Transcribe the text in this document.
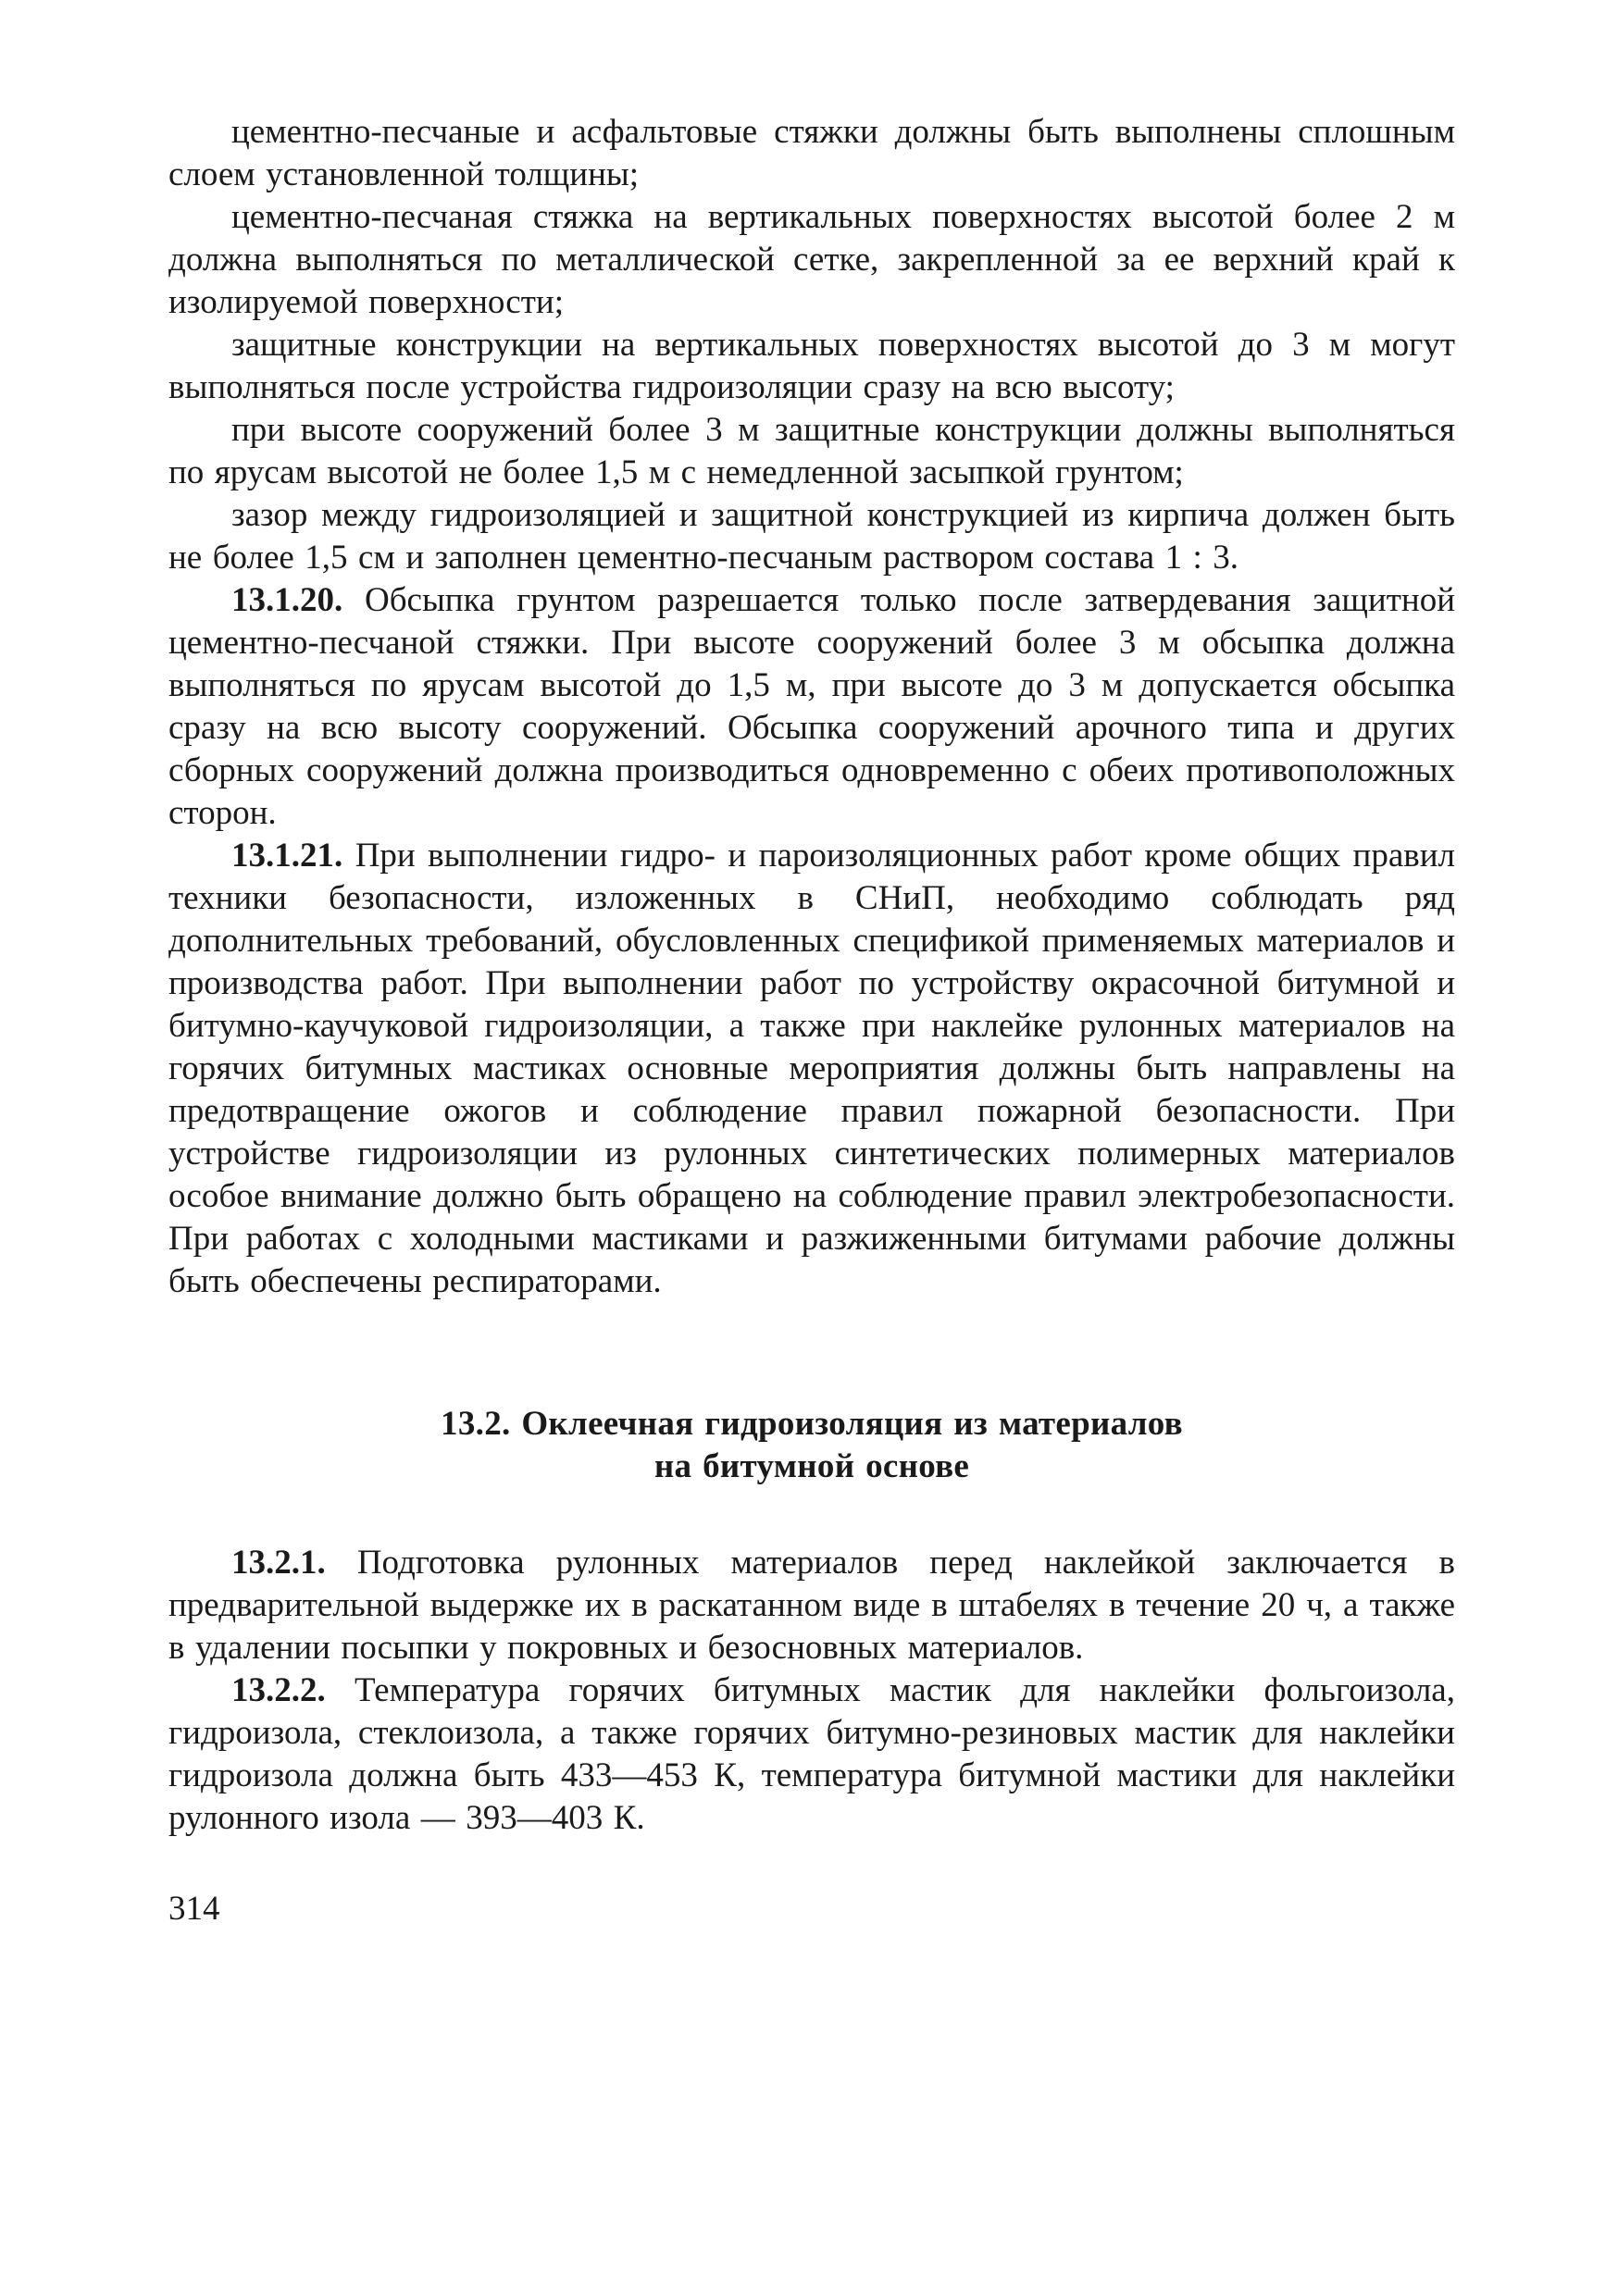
цементно-песчаные и асфальтовые стяжки должны быть выполнены сплошным слоем установленной толщины;

цементно-песчаная стяжка на вертикальных поверхностях высотой более 2 м должна выполняться по металлической сетке, закрепленной за ее верхний край к изолируемой поверхности;

защитные конструкции на вертикальных поверхностях высотой до 3 м могут выполняться после устройства гидроизоляции сразу на всю высоту;

при высоте сооружений более 3 м защитные конструкции должны выполняться по ярусам высотой не более 1,5 м с немедленной засыпкой грунтом;

зазор между гидроизоляцией и защитной конструкцией из кирпича должен быть не более 1,5 см и заполнен цементно-песчаным раствором состава 1 : 3.

13.1.20. Обсыпка грунтом разрешается только после затвердевания защитной цементно-песчаной стяжки. При высоте сооружений более 3 м обсыпка должна выполняться по ярусам высотой до 1,5 м, при высоте до 3 м допускается обсыпка сразу на всю высоту сооружений. Обсыпка сооружений арочного типа и других сборных сооружений должна производиться одновременно с обеих противоположных сторон.

13.1.21. При выполнении гидро- и пароизоляционных работ кроме общих правил техники безопасности, изложенных в СНиП, необходимо соблюдать ряд дополнительных требований, обусловленных спецификой применяемых материалов и производства работ. При выполнении работ по устройству окрасочной битумной и битумно-каучуковой гидроизоляции, а также при наклейке рулонных материалов на горячих битумных мастиках основные мероприятия должны быть направлены на предотвращение ожогов и соблюдение правил пожарной безопасности. При устройстве гидроизоляции из рулонных синтетических полимерных материалов особое внимание должно быть обращено на соблюдение правил электробезопасности. При работах с холодными мастиками и разжиженными битумами рабочие должны быть обеспечены респираторами.

13.2. Оклеечная гидроизоляция из материалов
на битумной основе

13.2.1. Подготовка рулонных материалов перед наклейкой заключается в предварительной выдержке их в раскатанном виде в штабелях в течение 20 ч, а также в удалении посыпки у покровных и безосновных материалов.

13.2.2. Температура горячих битумных мастик для наклейки фольгоизола, гидроизола, стеклоизола, а также горячих битумно-резиновых мастик для наклейки гидроизола должна быть 433—453 К, температура битумной мастики для наклейки рулонного изола — 393—403 К.

314
